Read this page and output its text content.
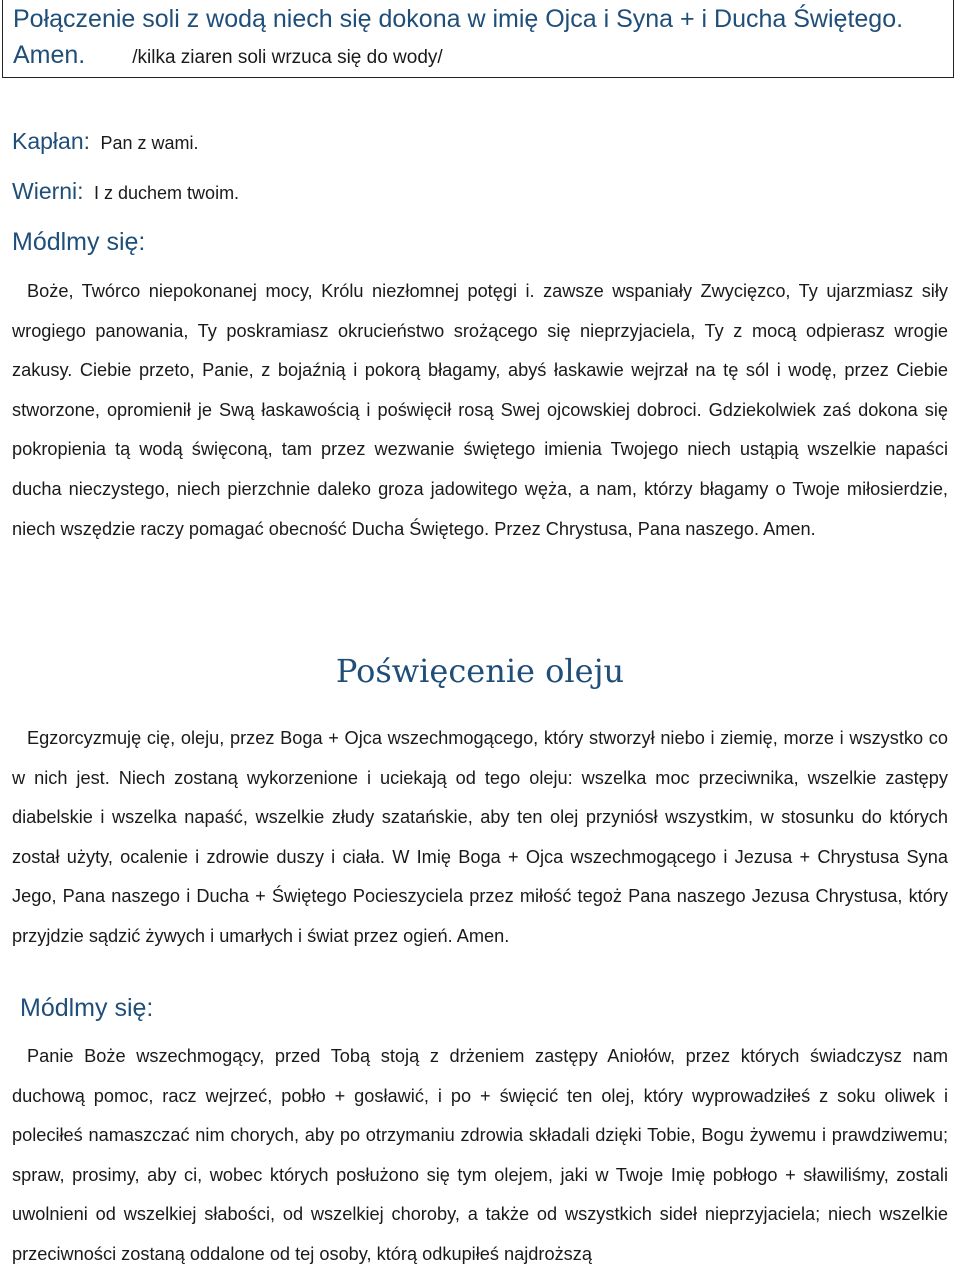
Połączenie soli z wodą niech się dokona w imię Ojca i Syna + i Ducha Świętego.
Amen. /kilka ziaren soli wrzuca się do wody/
Kapłan: Pan z wami.
Wierni: I z duchem twoim.
Módlmy się:
Boże, Twórco niepokonanej mocy, Królu niezłomnej potęgi i. zawsze wspaniały Zwycięzco, Ty ujarzmiasz siły wrogiego panowania, Ty poskramiasz okrucieństwo srożącego się nieprzyjaciela, Ty z mocą odpierasz wrogie zakusy. Ciebie przeto, Panie, z bojaźnią i pokorą błagamy, abyś łaskawie wejrzał na tę sól i wodę, przez Ciebie stworzone, opromienił je Swą łaskawością i poświęcił rosą Swej ojcowskiej dobroci. Gdziekolwiek zaś dokona się pokropienia tą wodą święconą, tam przez wezwanie świętego imienia Twojego niech ustąpią wszelkie napaści ducha nieczystego, niech pierzchnie daleko groza jadowitego węża, a nam, którzy błagamy o Twoje miłosierdzie, niech wszędzie raczy pomagać obecność Ducha Świętego. Przez Chrystusa, Pana naszego. Amen.
Poświęcenie oleju
Egzorcyzmuję cię, oleju, przez Boga + Ojca wszechmogącego, który stworzył niebo i ziemię, morze i wszystko co w nich jest. Niech zostaną wykorzenione i uciekają od tego oleju: wszelka moc przeciwnika, wszelkie zastępy diabelskie i wszelka napaść, wszelkie złudy szatańskie, aby ten olej przyniósł wszystkim, w stosunku do których został użyty, ocalenie i zdrowie duszy i ciała. W Imię Boga + Ojca wszechmogącego i Jezusa + Chrystusa Syna Jego, Pana naszego i Ducha + Świętego Pocieszyciela przez miłość tegoż Pana naszego Jezusa Chrystusa, który przyjdzie sądzić żywych i umarłych i świat przez ogień. Amen.
Módlmy się:
Panie Boże wszechmogący, przed Tobą stoją z drżeniem zastępy Aniołów, przez których świadczysz nam duchową pomoc, racz wejrzeć, pobło + gosławić, i po + święcić ten olej, który wyprowadziłeś z soku oliwek i poleciłeś namaszczać nim chorych, aby po otrzymaniu zdrowia składali dzięki Tobie, Bogu żywemu i prawdziwemu; spraw, prosimy, aby ci, wobec których posłużono się tym olejem, jaki w Twoje Imię pobłogo + sławiliśmy, zostali uwolnieni od wszelkiej słabości, od wszelkiej choroby, a także od wszystkich sideł nieprzyjaciela; niech wszelkie przeciwności zostaną oddalone od tej osoby, którą odkupiłeś najdroższą
